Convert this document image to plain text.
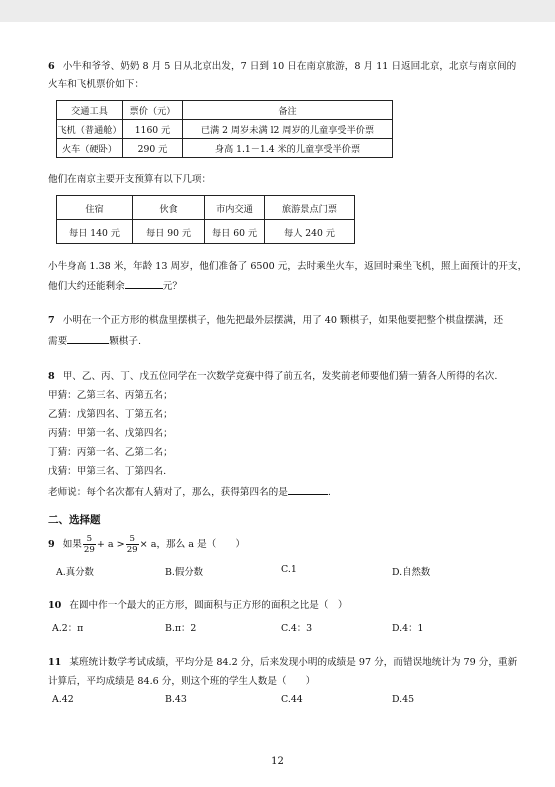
6 小牛和爷爷、奶奶 8 月 5 日从北京出发，7 日到 10 日在南京旅游，8 月 11 日返回北京，北京与南京间的
火车和飞机票价如下：
交通工具	票价（元）	备注
飞机（普通舱）	1160 元	已满 2 周岁未满 l2 周岁的儿童享受半价票
火车（硬卧）	290 元	身高 1.1－1.4 米的儿童享受半价票
他们在南京主要开支预算有以下几项：
住宿	伙食	市内交通	旅游景点门票
每日 140 元	每日 90 元	每日 60 元	每人 240 元
小牛身高 1.38 米，年龄 13 周岁，他们准备了 6500 元，去时乘坐火车，返回时乘坐飞机，照上面预计的开支，
他们大约还能剩余	元？
7 小明在一个正方形的棋盘里摆棋子，他先把最外层摆满，用了 40 颗棋子，如果他要把整个棋盘摆满，还
需要	颗棋子.
8 甲、乙、丙、丁、戊五位同学在一次数学竞赛中得了前五名，发奖前老师要他们猜一猜各人所得的名次.
甲猜：乙第三名、丙第五名；
乙猜：戊第四名、丁第五名；
丙猜：甲第一名、戊第四名；
丁猜：丙第一名、乙第二名；
戊猜：甲第三名、丁第四名.
老师说：每个名次都有人猜对了，那么，获得第四名的是	.
二、选择题
9 如果 $\frac{5}{29} + a > \frac{5}{29} \times a$，那么 a 是（　　）
A.真分数	B.假分数	C.1	D.自然数
10 在圆中作一个最大的正方形，圆面积与正方形的面积之比是（　）
A.2：π	B.π：2	C.4：3	D.4：1
11 某班统计数学考试成绩，平均分是 84.2 分，后来发现小明的成绩是 97 分，而错误地统计为 79 分，重新
计算后，平均成绩是 84.6 分，则这个班的学生人数是（　　）
A.42	B.43	C.44	D.45
12
